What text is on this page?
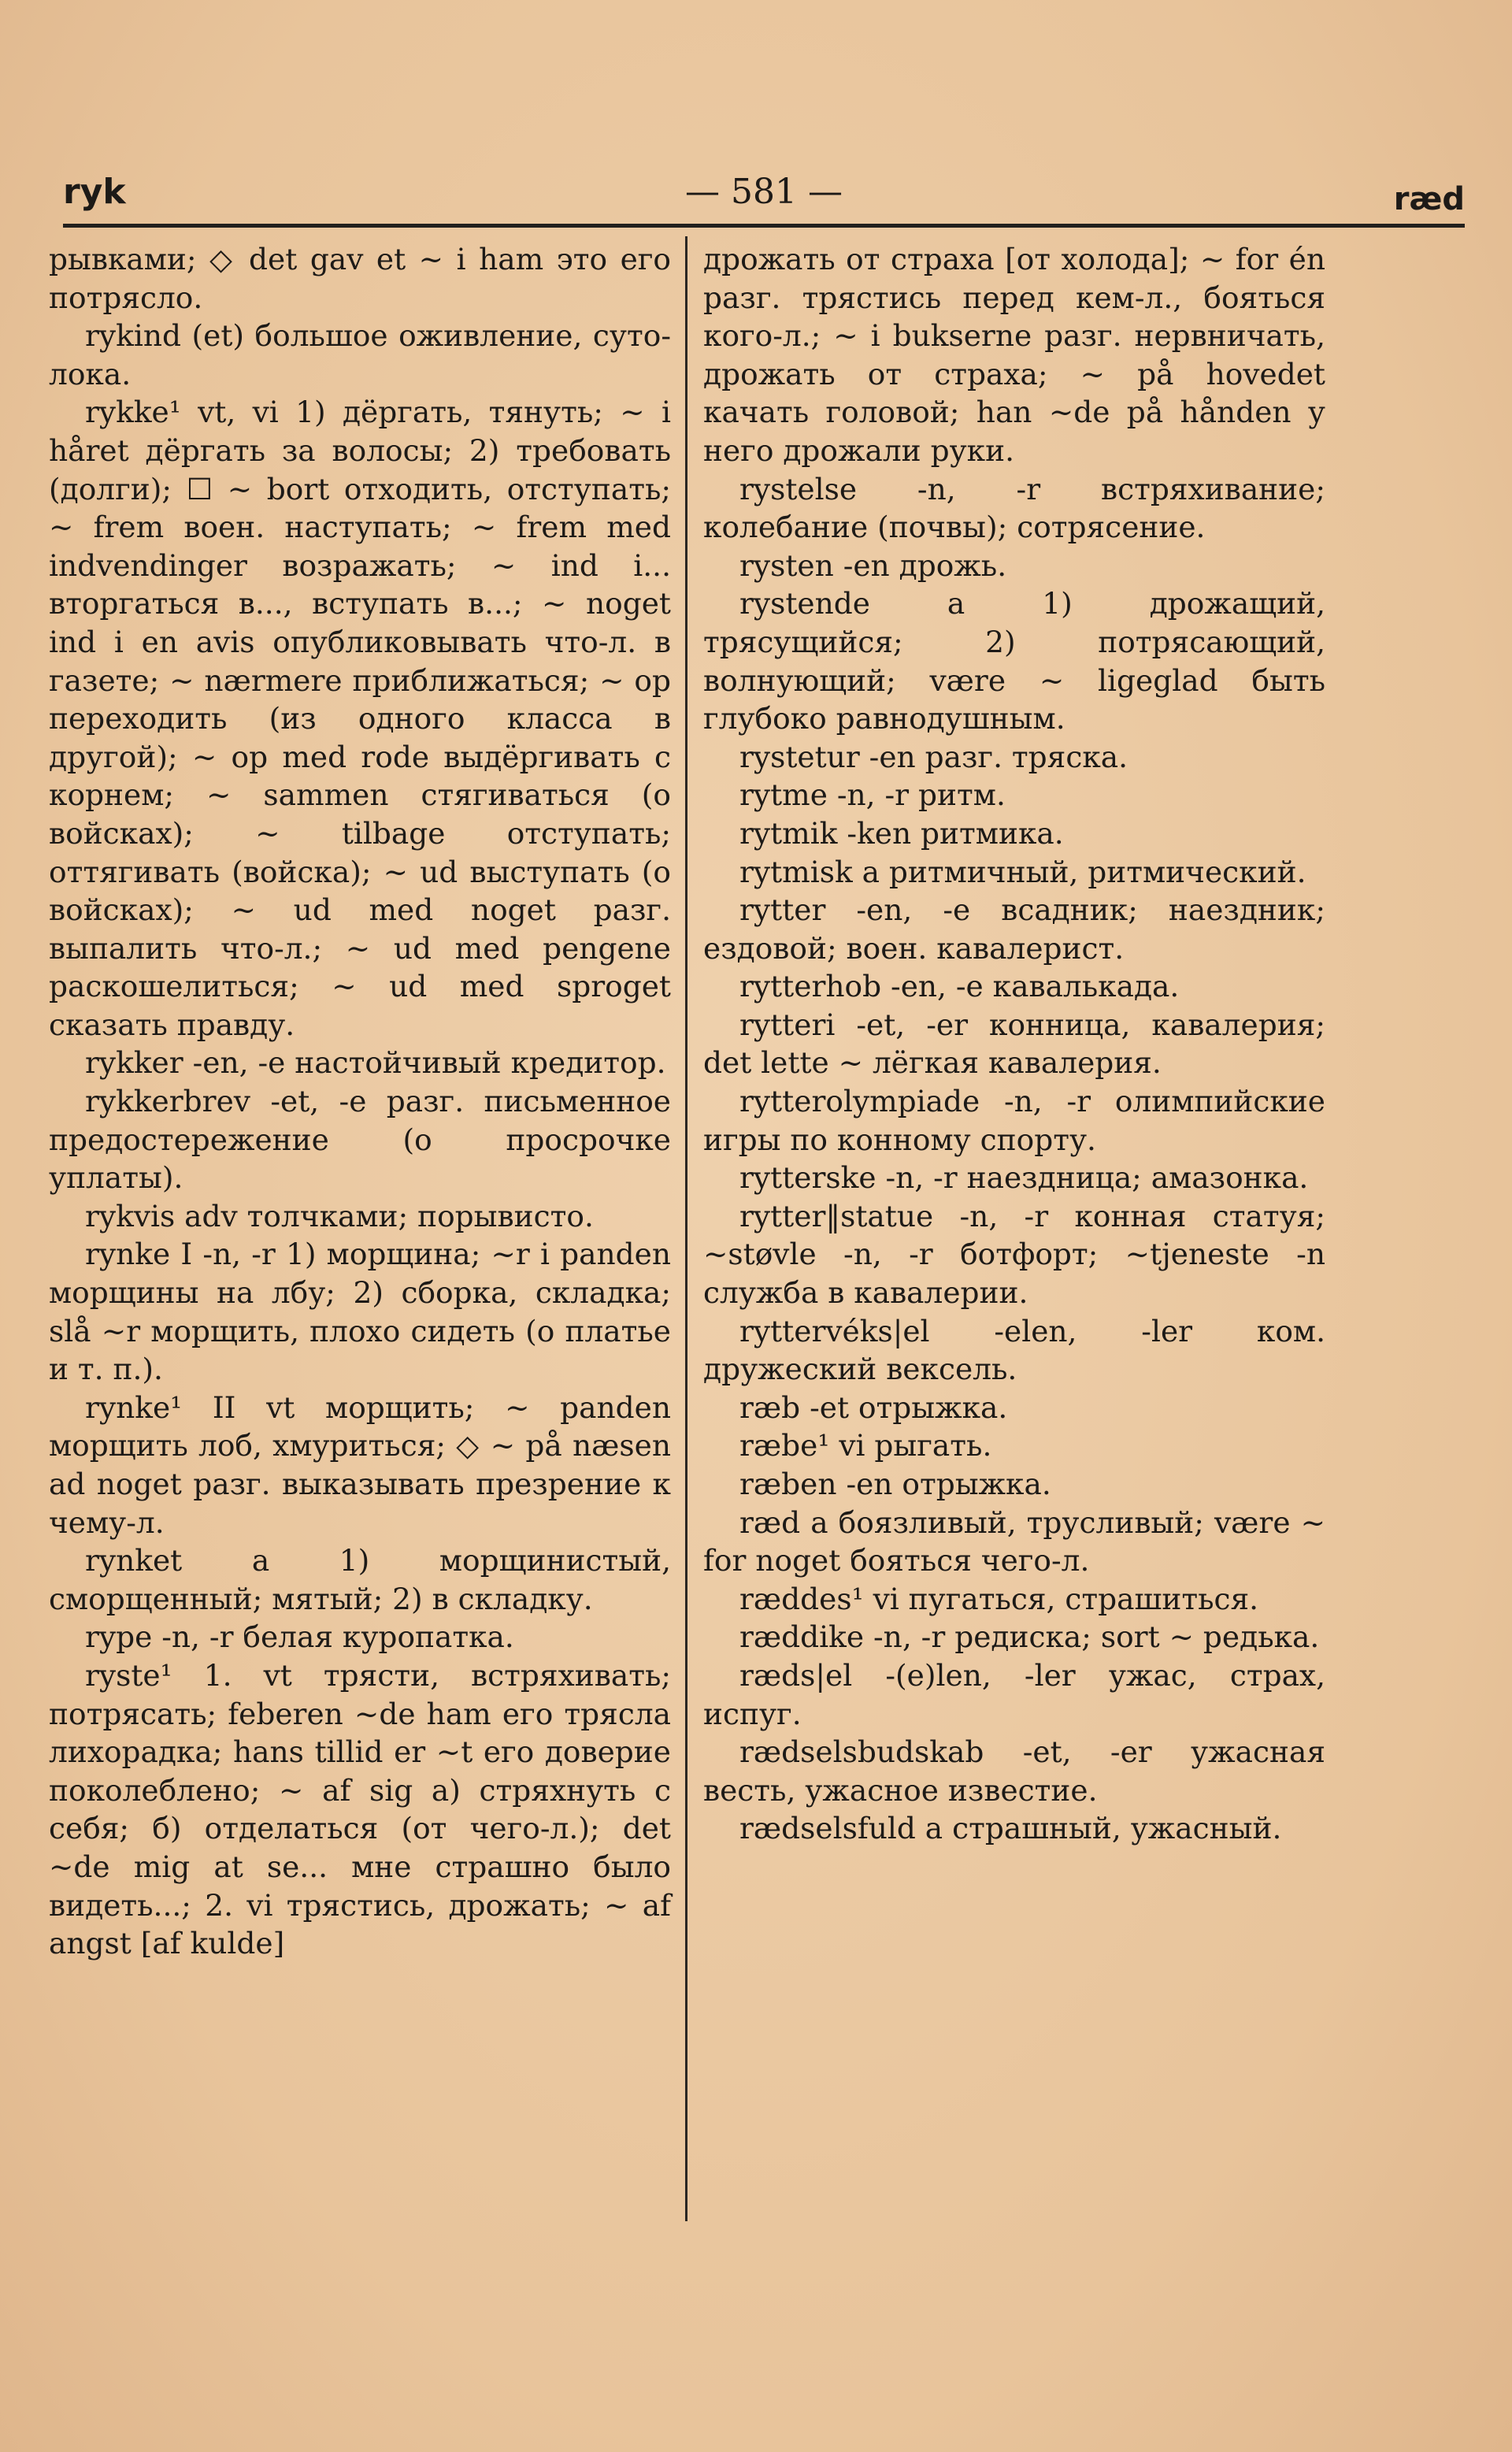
ryk	— 581 —	ræd

рывками; ◇ det gav et ~ i ham это его потрясло.

rykind (et) большое оживление, сутолока.

rykke¹ vt, vi 1) дёргать, тянуть; ~ i håret дёргать за волосы; 2) требовать (долги); ☐ ~ bort отходить, отступать; ~ frem воен. наступать; ~ frem med indvendinger возражать; ~ ind i... вторгаться в..., вступать в...; ~ noget ind i en avis опубликовывать что-л. в газете; ~ nærmere приближаться; ~ op переходить (из одного класса в другой); ~ op med rode выдёргивать с корнем; ~ sammen стягиваться (о войсках); ~ tilbage отступать; оттягивать (войска); ~ ud выступать (о войсках); ~ ud med noget разг. выпалить что-л.; ~ ud med pengene раскошелиться; ~ ud med sproget сказать правду.

rykker -en, -e настойчивый кредитор.

rykkerbrev -et, -e разг. письменное предостережение (о просрочке уплаты).

rykvis adv толчками; порывисто.

rynke I -n, -r 1) морщина; ~r i panden морщины на лбу; 2) сборка, складка; slå ~r морщить, плохо сидеть (о платье и т. п.).

rynke¹ II vt морщить; ~ panden морщить лоб, хмуриться; ◇ ~ på næsen ad noget разг. выказывать презрение к чему-л.

rynket a 1) морщинистый, сморщенный; мятый; 2) в складку.

rype -n, -r белая куропатка.

ryste¹ 1. vt трясти, встряхивать; потрясать; feberen ~de ham его трясла лихорадка; hans tillid er ~t его доверие поколеблено; ~ af sig a) стряхнуть с себя; б) отделаться (от чего-л.); det ~de mig at se... мне страшно было видеть...; 2. vi трястись, дрожать; ~ af angst [af kulde]

дрожать от страха [от холода]; ~ for én разг. трястись перед кем-л., бояться кого-л.; ~ i bukserne разг. нервничать, дрожать от страха; ~ på hovedet качать головой; han ~de på hånden у него дрожали руки.

rystelse -n, -r встряхивание; колебание (почвы); сотрясение.

rysten -en дрожь.

rystende a 1) дрожащий, трясущийся; 2) потрясающий, волнующий; være ~ ligeglad быть глубоко равнодушным.

rystetur -en разг. тряска.

rytme -n, -r ритм.

rytmik -ken ритмика.

rytmisk a ритмичный, ритмический.

rytter -en, -e всадник; наездник; ездовой; воен. кавалерист.

rytterhob -en, -e кавалькада.

rytteri -et, -er конница, кавалерия; det lette ~ лёгкая кавалерия.

rytterolympiade -n, -r олимпийские игры по конному спорту.

rytterske -n, -r наездница; амазонка.

rytter‖statue -n, -r конная статуя; ~støvle -n, -r ботфорт; ~tjeneste -n служба в кавалерии.

ryttervéks|el -elen, -ler ком. дружеский вексель.

ræb -et отрыжка.

ræbe¹ vi рыгать.

ræben -en отрыжка.

ræd a боязливый, трусливый; være ~ for noget бояться чего-л.

ræddes¹ vi пугаться, страшиться.

ræddike -n, -r редиска; sort ~ редька.

ræds|el -(e)len, -ler ужас, страх, испуг.

rædselsbudskab -et, -er ужасная весть, ужасное известие.

rædselsfuld a страшный, ужасный.
